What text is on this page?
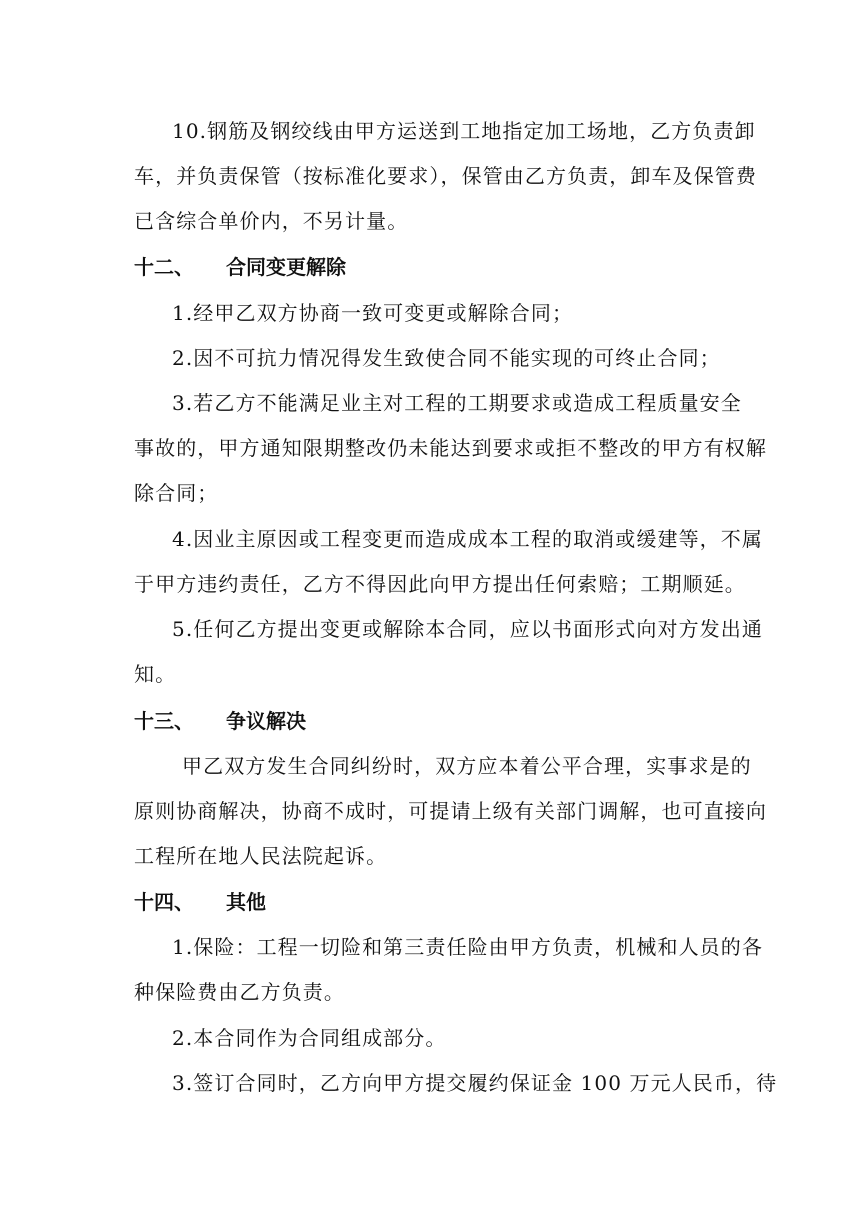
10.钢筋及钢绞线由甲方运送到工地指定加工场地，乙方负责卸
车，并负责保管（按标准化要求），保管由乙方负责，卸车及保管费
已含综合单价内，不另计量。
十二、 合同变更解除
1.经甲乙双方协商一致可变更或解除合同；
2.因不可抗力情况得发生致使合同不能实现的可终止合同；
3.若乙方不能满足业主对工程的工期要求或造成工程质量安全
事故的，甲方通知限期整改仍未能达到要求或拒不整改的甲方有权解
除合同；
4.因业主原因或工程变更而造成成本工程的取消或缓建等，不属
于甲方违约责任，乙方不得因此向甲方提出任何索赔；工期顺延。
5.任何乙方提出变更或解除本合同，应以书面形式向对方发出通
知。
十三、 争议解决
甲乙双方发生合同纠纷时，双方应本着公平合理，实事求是的
原则协商解决，协商不成时，可提请上级有关部门调解，也可直接向
工程所在地人民法院起诉。
十四、 其他
1.保险：工程一切险和第三责任险由甲方负责，机械和人员的各
种保险费由乙方负责。
2.本合同作为合同组成部分。
3.签订合同时，乙方向甲方提交履约保证金 100 万元人民币，待
